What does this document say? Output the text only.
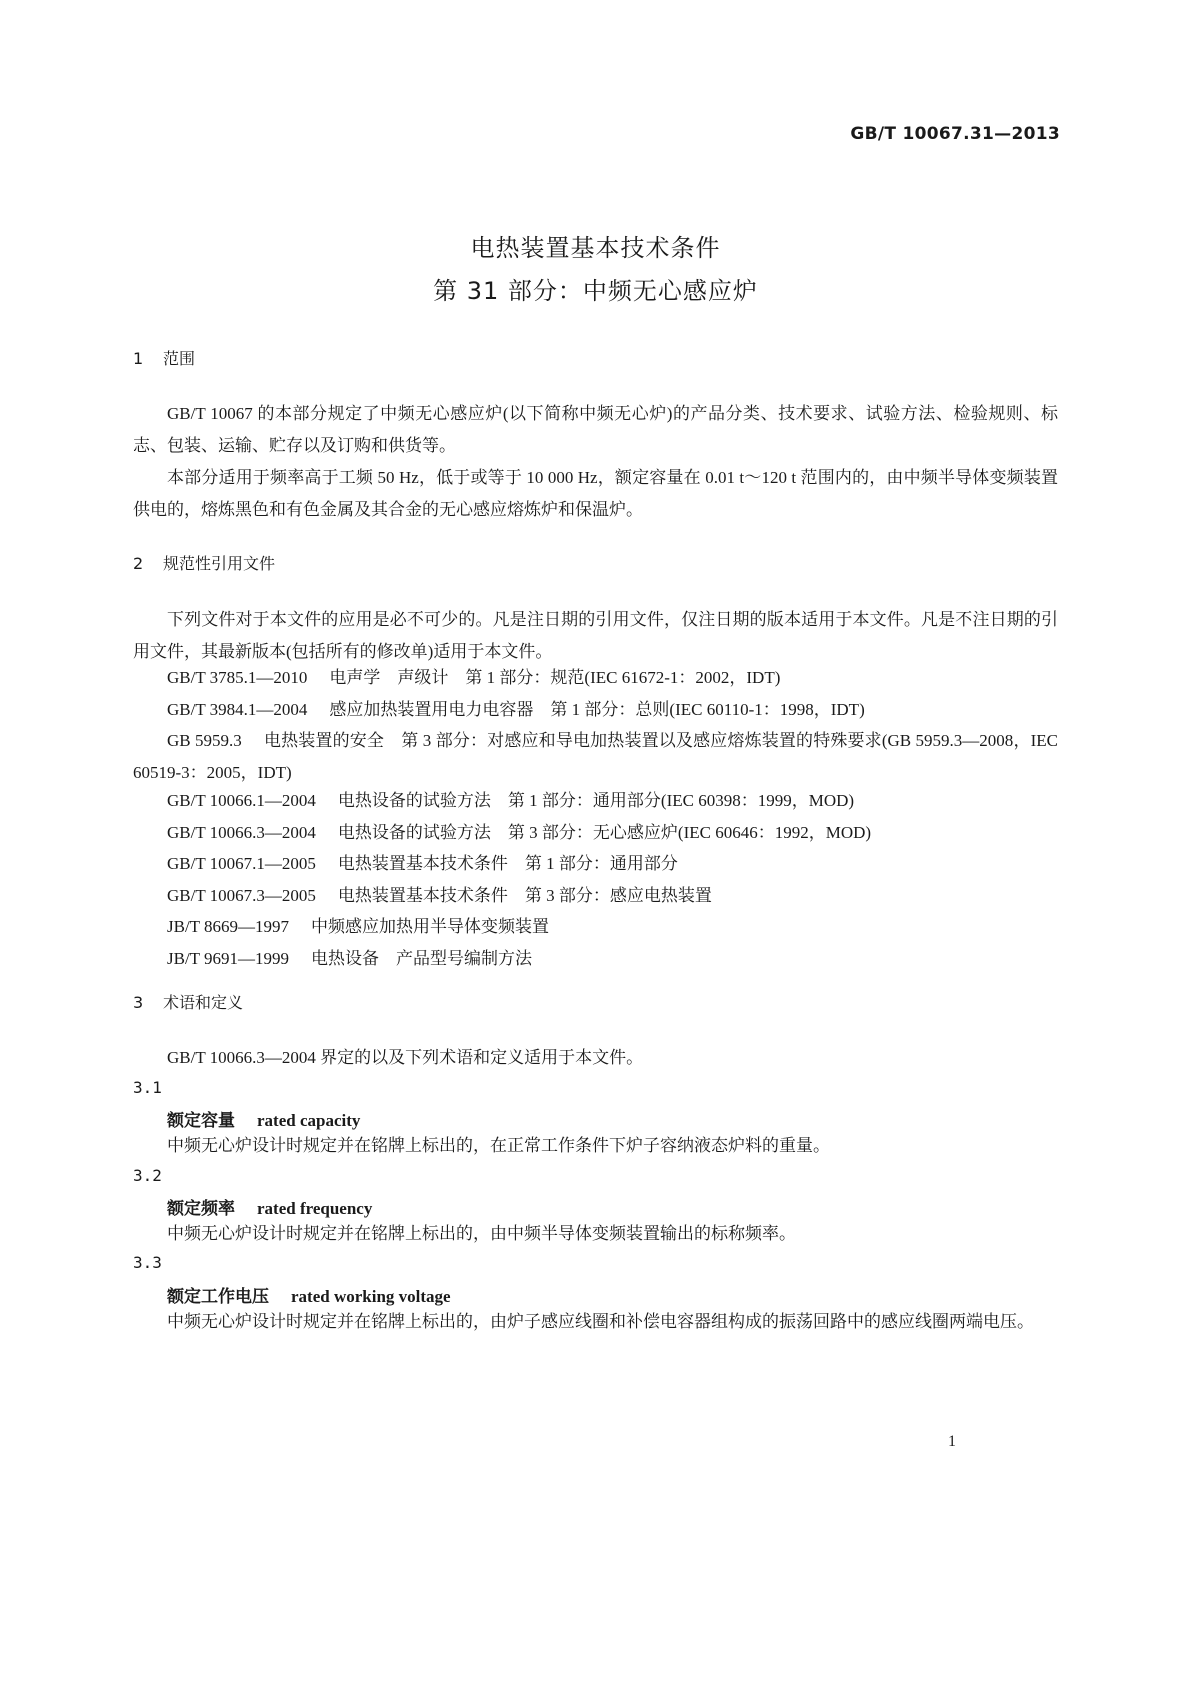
GB/T 10067.31—2013
电热装置基本技术条件
第 31 部分：中频无心感应炉
1 范围

GB/T 10067 的本部分规定了中频无心感应炉(以下简称中频无心炉)的产品分类、技术要求、试验方法、检验规则、标志、包装、运输、贮存以及订购和供货等。

本部分适用于频率高于工频 50 Hz，低于或等于 10 000 Hz，额定容量在 0.01 t～120 t 范围内的，由中频半导体变频装置供电的，熔炼黑色和有色金属及其合金的无心感应熔炼炉和保温炉。

2 规范性引用文件

下列文件对于本文件的应用是必不可少的。凡是注日期的引用文件，仅注日期的版本适用于本文件。凡是不注日期的引用文件，其最新版本(包括所有的修改单)适用于本文件。

GB/T 3785.1—2010 电声学　声级计　第 1 部分：规范(IEC 61672-1：2002，IDT)
GB/T 3984.1—2004 感应加热装置用电力电容器　第 1 部分：总则(IEC 60110-1：1998，IDT)

GB 5959.3 电热装置的安全　第 3 部分：对感应和导电加热装置以及感应熔炼装置的特殊要求(GB 5959.3—2008，IEC 60519-3：2005，IDT)

GB/T 10066.1—2004 电热设备的试验方法　第 1 部分：通用部分(IEC 60398：1999，MOD)
GB/T 10066.3—2004 电热设备的试验方法　第 3 部分：无心感应炉(IEC 60646：1992，MOD)
GB/T 10067.1—2005 电热装置基本技术条件　第 1 部分：通用部分
GB/T 10067.3—2005 电热装置基本技术条件　第 3 部分：感应电热装置
JB/T 8669—1997 中频感应加热用半导体变频装置
JB/T 9691—1999 电热设备　产品型号编制方法
3 术语和定义

GB/T 10066.3—2004 界定的以及下列术语和定义适用于本文件。

3.1
额定容量 rated capacity

中频无心炉设计时规定并在铭牌上标出的，在正常工作条件下炉子容纳液态炉料的重量。

3.2
额定频率 rated frequency

中频无心炉设计时规定并在铭牌上标出的，由中频半导体变频装置输出的标称频率。

3.3
额定工作电压 rated working voltage

中频无心炉设计时规定并在铭牌上标出的，由炉子感应线圈和补偿电容器组构成的振荡回路中的感应线圈两端电压。

1
